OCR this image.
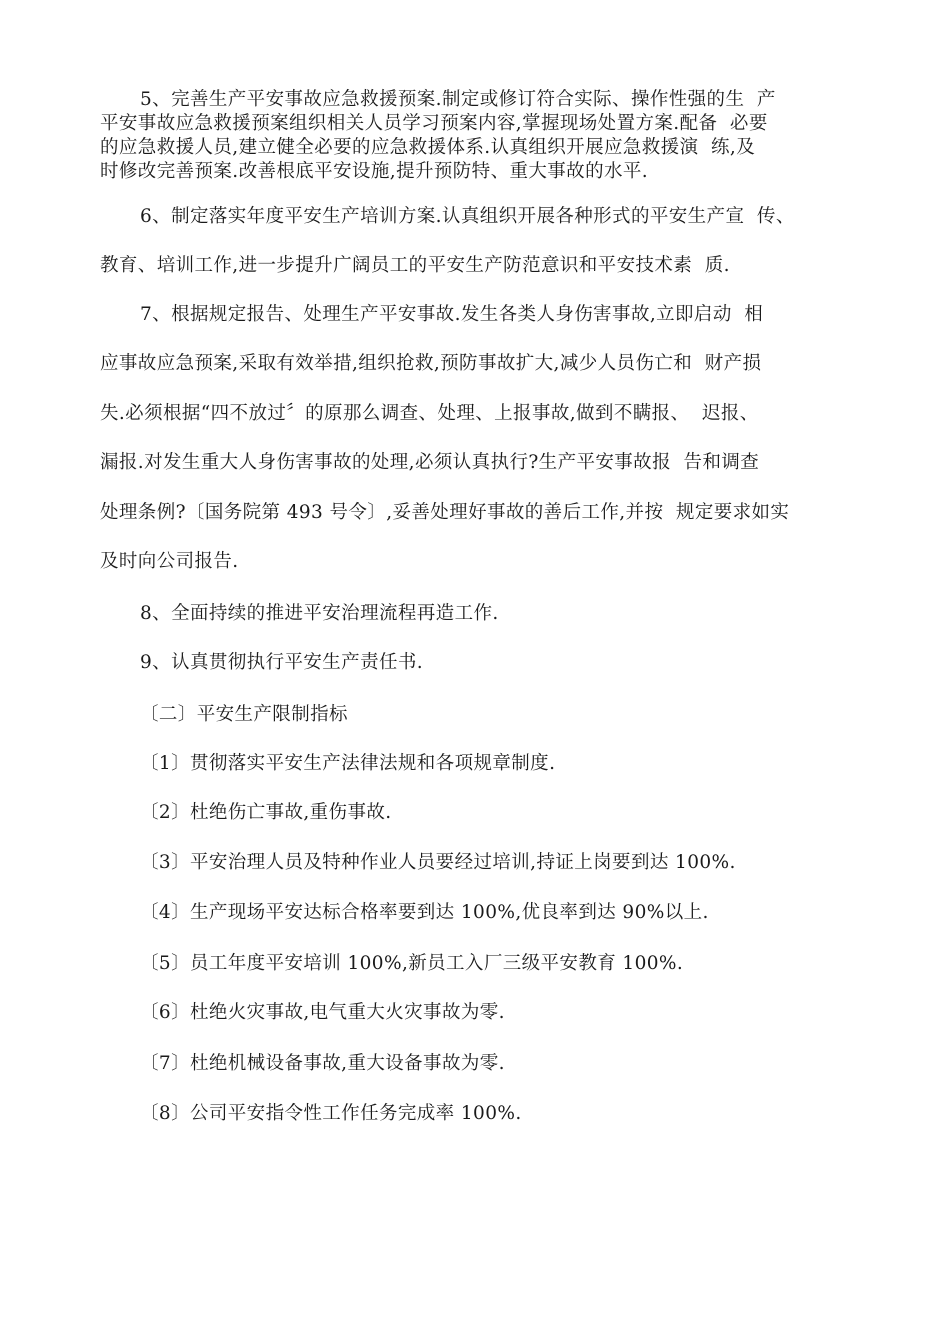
5、完善生产平安事故应急救援预案.制定或修订符合实际、操作性强的生  产
平安事故应急救援预案组织相关人员学习预案内容,掌握现场处置方案.配备  必要
的应急救援人员,建立健全必要的应急救援体系.认真组织开展应急救援演  练,及
时修改完善预案.改善根底平安设施,提升预防特、重大事故的水平.
6、制定落实年度平安生产培训方案.认真组织开展各种形式的平安生产宣  传、
教育、培训工作,进一步提升广阔员工的平安生产防范意识和平安技术素  质.
7、根据规定报告、处理生产平安事故.发生各类人身伤害事故,立即启动  相
应事故应急预案,采取有效举措,组织抢救,预防事故扩大,减少人员伤亡和  财产损
失.必须根据“四不放过〞的原那么调查、处理、上报事故,做到不瞒报、  迟报、
漏报.对发生重大人身伤害事故的处理,必须认真执行?生产平安事故报  告和调查
处理条例?〔国务院第 493 号令〕,妥善处理好事故的善后工作,并按  规定要求如实
及时向公司报告.
8、全面持续的推进平安治理流程再造工作.
9、认真贯彻执行平安生产责任书.
〔二〕平安生产限制指标
〔1〕贯彻落实平安生产法律法规和各项规章制度.
〔2〕杜绝伤亡事故,重伤事故.
〔3〕平安治理人员及特种作业人员要经过培训,持证上岗要到达 100%.
〔4〕生产现场平安达标合格率要到达 100%,优良率到达 90%以上.
〔5〕员工年度平安培训 100%,新员工入厂三级平安教育 100%.
〔6〕杜绝火灾事故,电气重大火灾事故为零.
〔7〕杜绝机械设备事故,重大设备事故为零.
〔8〕公司平安指令性工作任务完成率 100%.
